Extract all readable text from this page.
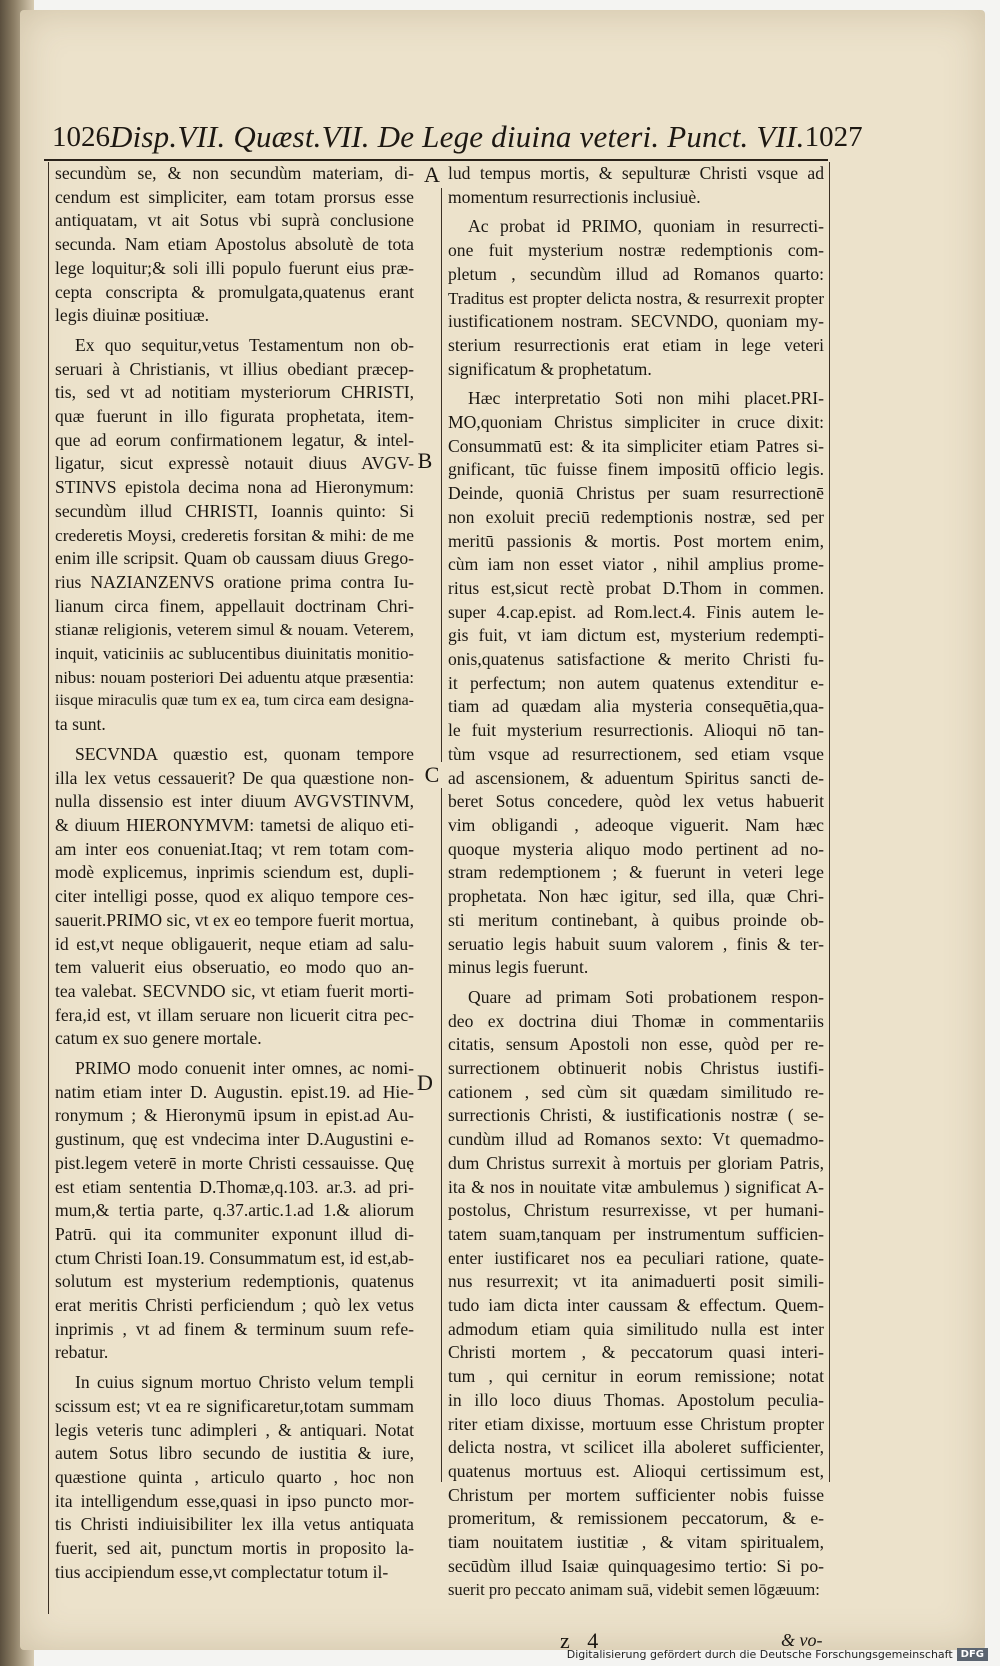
1026 Disp.VII. Quæst.VII. De Lege diuina veteri. Punct. VII. 1027

secundùm se, & non secundùm materiam, di-
cendum est simpliciter, eam totam prorsus esse
antiquatam, vt ait Sotus vbi suprà conclusione
secunda. Nam etiam Apostolus absolutè de tota
lege loquitur;& soli illi populo fuerunt eius præ-
cepta conscripta & promulgata,quatenus erant
legis diuinæ positiuæ.

Ex quo sequitur,vetus Testamentum non ob-
seruari à Christianis, vt illius obediant præcep-
tis, sed vt ad notitiam mysteriorum CHRISTI,
quæ fuerunt in illo figurata prophetata, item-
que ad eorum confirmationem legatur, & intel-
ligatur, sicut expressè notauit diuus AVGV-
STINVS epistola decima nona ad Hieronymum:
secundùm illud CHRISTI, Ioannis quinto: Si
crederetis Moysi, crederetis forsitan & mihi: de me
enim ille scripsit. Quam ob caussam diuus Grego-
rius NAZIANZENVS oratione prima contra Iu-
lianum circa finem, appellauit doctrinam Chri-
stianæ religionis, veterem simul & nouam. Veterem,
inquit, vaticiniis ac sublucentibus diuinitatis monitio-
nibus: nouam posteriori Dei aduentu atque præsentia:
iisque miraculis quæ tum ex ea, tum circa eam designa-
ta sunt.

SECVNDA quæstio est, quonam tempore
illa lex vetus cessauerit? De qua quæstione non-
nulla dissensio est inter diuum AVGVSTINVM,
& diuum HIERONYMVM: tametsi de aliquo eti-
am inter eos conueniat.Itaq; vt rem totam com-
modè explicemus, inprimis sciendum est, dupli-
citer intelligi posse, quod ex aliquo tempore ces-
sauerit.PRIMO sic, vt ex eo tempore fuerit mortua,
id est,vt neque obligauerit, neque etiam ad salu-
tem valuerit eius obseruatio, eo modo quo an-
tea valebat. SECVNDO sic, vt etiam fuerit morti-
fera,id est, vt illam seruare non licuerit citra pec-
catum ex suo genere mortale.

PRIMO modo conuenit inter omnes, ac nomi-
natim etiam inter D. Augustin. epist.19. ad Hie-
ronymum ; & Hieronymū ipsum in epist.ad Au-
gustinum, quę est vndecima inter D.Augustini e-
pist.legem veterē in morte Christi cessauisse. Quę
est etiam sententia D.Thomæ,q.103. ar.3. ad pri-
mum,& tertia parte, q.37.artic.1.ad 1.& aliorum
Patrū. qui ita communiter exponunt illud di-
ctum Christi Ioan.19. Consummatum est, id est,ab-
solutum est mysterium redemptionis, quatenus
erat meritis Christi perficiendum ; quò lex vetus
inprimis , vt ad finem & terminum suum refe-
rebatur.

In cuius signum mortuo Christo velum templi
scissum est; vt ea re significaretur,totam summam
legis veteris tunc adimpleri , & antiquari. Notat
autem Sotus libro secundo de iustitia & iure,
quæstione quinta , articulo quarto , hoc non
ita intelligendum esse,quasi in ipso puncto mor-
tis Christi indiuisibiliter lex illa vetus antiquata
fuerit, sed ait, punctum mortis in proposito la-
tius accipiendum esse,vt complectatur totum il-

lud tempus mortis, & sepulturæ Christi vsque ad
momentum resurrectionis inclusiuè.

Ac probat id PRIMO, quoniam in resurrecti-
one fuit mysterium nostræ redemptionis com-
pletum , secundùm illud ad Romanos quarto:
Traditus est propter delicta nostra, & resurrexit propter
iustificationem nostram. SECVNDO, quoniam my-
sterium resurrectionis erat etiam in lege veteri
significatum & prophetatum.

Hæc interpretatio Soti non mihi placet.PRI-
MO,quoniam Christus simpliciter in cruce dixit:
Consummatū est: & ita simpliciter etiam Patres si-
gnificant, tūc fuisse finem impositū officio legis.
Deinde, quoniā Christus per suam resurrectionē
non exoluit preciū redemptionis nostræ, sed per
meritū passionis & mortis. Post mortem enim,
cùm iam non esset viator , nihil amplius prome-
ritus est,sicut rectè probat D.Thom in commen.
super 4.cap.epist. ad Rom.lect.4. Finis autem le-
gis fuit, vt iam dictum est, mysterium redempti-
onis,quatenus satisfactione & merito Christi fu-
it perfectum; non autem quatenus extenditur e-
tiam ad quædam alia mysteria consequētia,qua-
le fuit mysterium resurrectionis. Alioqui nō tan-
tùm vsque ad resurrectionem, sed etiam vsque
ad ascensionem, & aduentum Spiritus sancti de-
beret Sotus concedere, quòd lex vetus habuerit
vim obligandi , adeoque viguerit. Nam hæc
quoque mysteria aliquo modo pertinent ad no-
stram redemptionem ; & fuerunt in veteri lege
prophetata. Non hæc igitur, sed illa, quæ Chri-
sti meritum continebant, à quibus proinde ob-
seruatio legis habuit suum valorem , finis & ter-
minus legis fuerunt.

Quare ad primam Soti probationem respon-
deo ex doctrina diui Thomæ in commentariis
citatis, sensum Apostoli non esse, quòd per re-
surrectionem obtinuerit nobis Christus iustifi-
cationem , sed cùm sit quædam similitudo re-
surrectionis Christi, & iustificationis nostræ ( se-
cundùm illud ad Romanos sexto: Vt quemadmo-
dum Christus surrexit à mortuis per gloriam Patris,
ita & nos in nouitate vitæ ambulemus ) significat A-
postolus, Christum resurrexisse, vt per humani-
tatem suam,tanquam per instrumentum sufficien-
enter iustificaret nos ea peculiari ratione, quate-
nus resurrexit; vt ita animaduerti posit simili-
tudo iam dicta inter caussam & effectum. Quem-
admodum etiam quia similitudo nulla est inter
Christi mortem , & peccatorum quasi interi-
tum , qui cernitur in eorum remissione; notat
in illo loco diuus Thomas. Apostolum peculia-
riter etiam dixisse, mortuum esse Christum propter
delicta nostra, vt scilicet illa aboleret sufficienter,
quatenus mortuus est. Alioqui certissimum est,
Christum per mortem sufficienter nobis fuisse
promeritum, & remissionem peccatorum, & e-
tiam nouitatem iustitiæ , & vitam spiritualem,
secūdùm illud Isaiæ quinquagesimo tertio: Si po-
suerit pro peccato animam suā, videbit semen lōgæuum:

A
B
C
D
z 4	& vo-
Digitalisierung gefördert durch die Deutsche Forschungsgemeinschaft DFG
